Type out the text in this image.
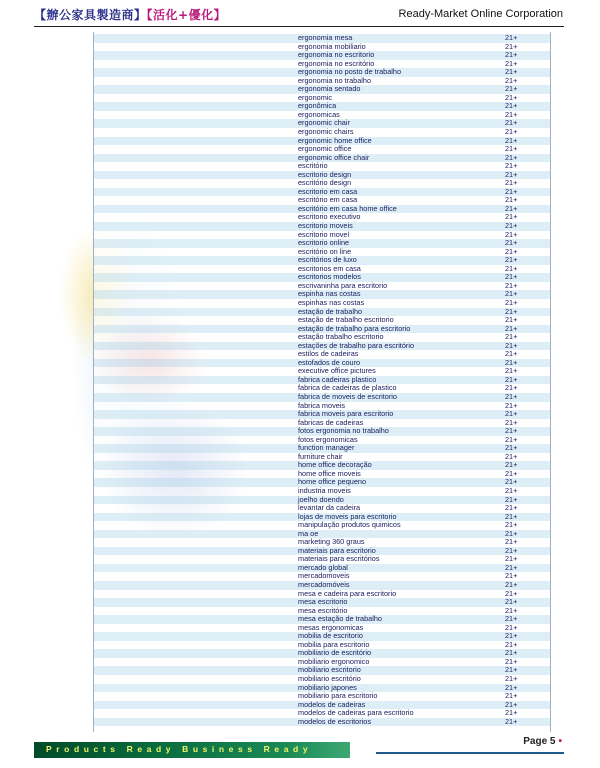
【辦公家具製造商】【活化+優化】	Ready-Market Online Corporation
ergonomia mesa	21+
ergonomia mobiliario	21+
ergonomia no escritorio	21+
ergonomia no escritório	21+
ergonomia no posto de trabalho	21+
ergonomia no trabalho	21+
ergonomia sentado	21+
ergonomic	21+
ergonômica	21+
ergonomicas	21+
ergonomic chair	21+
ergonomic chairs	21+
ergonomic home office	21+
ergonomic office	21+
ergonomic office chair	21+
escritório	21+
escritorio design	21+
escritório design	21+
escritorio em casa	21+
escritório em casa	21+
escritório em casa home office	21+
escritorio executivo	21+
escritorio moveis	21+
escritorio movel	21+
escritorio online	21+
escritório on line	21+
escritórios de luxo	21+
escritorios em casa	21+
escritorios modelos	21+
escrivaninha para escritorio	21+
espinha nas costas	21+
espinhas nas costas	21+
estação de trabalho	21+
estação de trabalho escritorio	21+
estação de trabalho para escritorio	21+
estação trabalho escritorio	21+
estações de trabalho para escritório	21+
estilos de cadeiras	21+
estofados de couro	21+
executive office pictures	21+
fabrica cadeiras plastico	21+
fabrica de cadeiras de plastico	21+
fabrica de moveis de escritorio	21+
fabrica moveis	21+
fabrica moveis para escritorio	21+
fabricas de cadeiras	21+
fotos ergonomia no trabalho	21+
fotos ergonomicas	21+
function manager	21+
furniture chair	21+
home office decoração	21+
home office moveis	21+
home office pequeno	21+
industria moveis	21+
joelho doendo	21+
levantar da cadeira	21+
lojas de moveis para escritorio	21+
manipulação produtos quimicos	21+
ma oe	21+
marketing 360 graus	21+
materiais para escritorio	21+
materiais para escritórios	21+
mercado global	21+
mercadomoveis	21+
mercadomóveis	21+
mesa e cadeira para escritorio	21+
mesa escritorio	21+
mesa escritório	21+
mesa estação de trabalho	21+
mesas ergonomicas	21+
mobilia de escritorio	21+
mobilia para escritorio	21+
mobiliario de escritório	21+
mobiliario ergonomico	21+
mobiliario escritorio	21+
mobiliario escritório	21+
mobiliario japones	21+
mobiliario para escritorio	21+
modelos de cadeiras	21+
modelos de cadeiras para escritorio	21+
modelos de escritorios	21+
Page 5 •
Products Ready Business Ready
